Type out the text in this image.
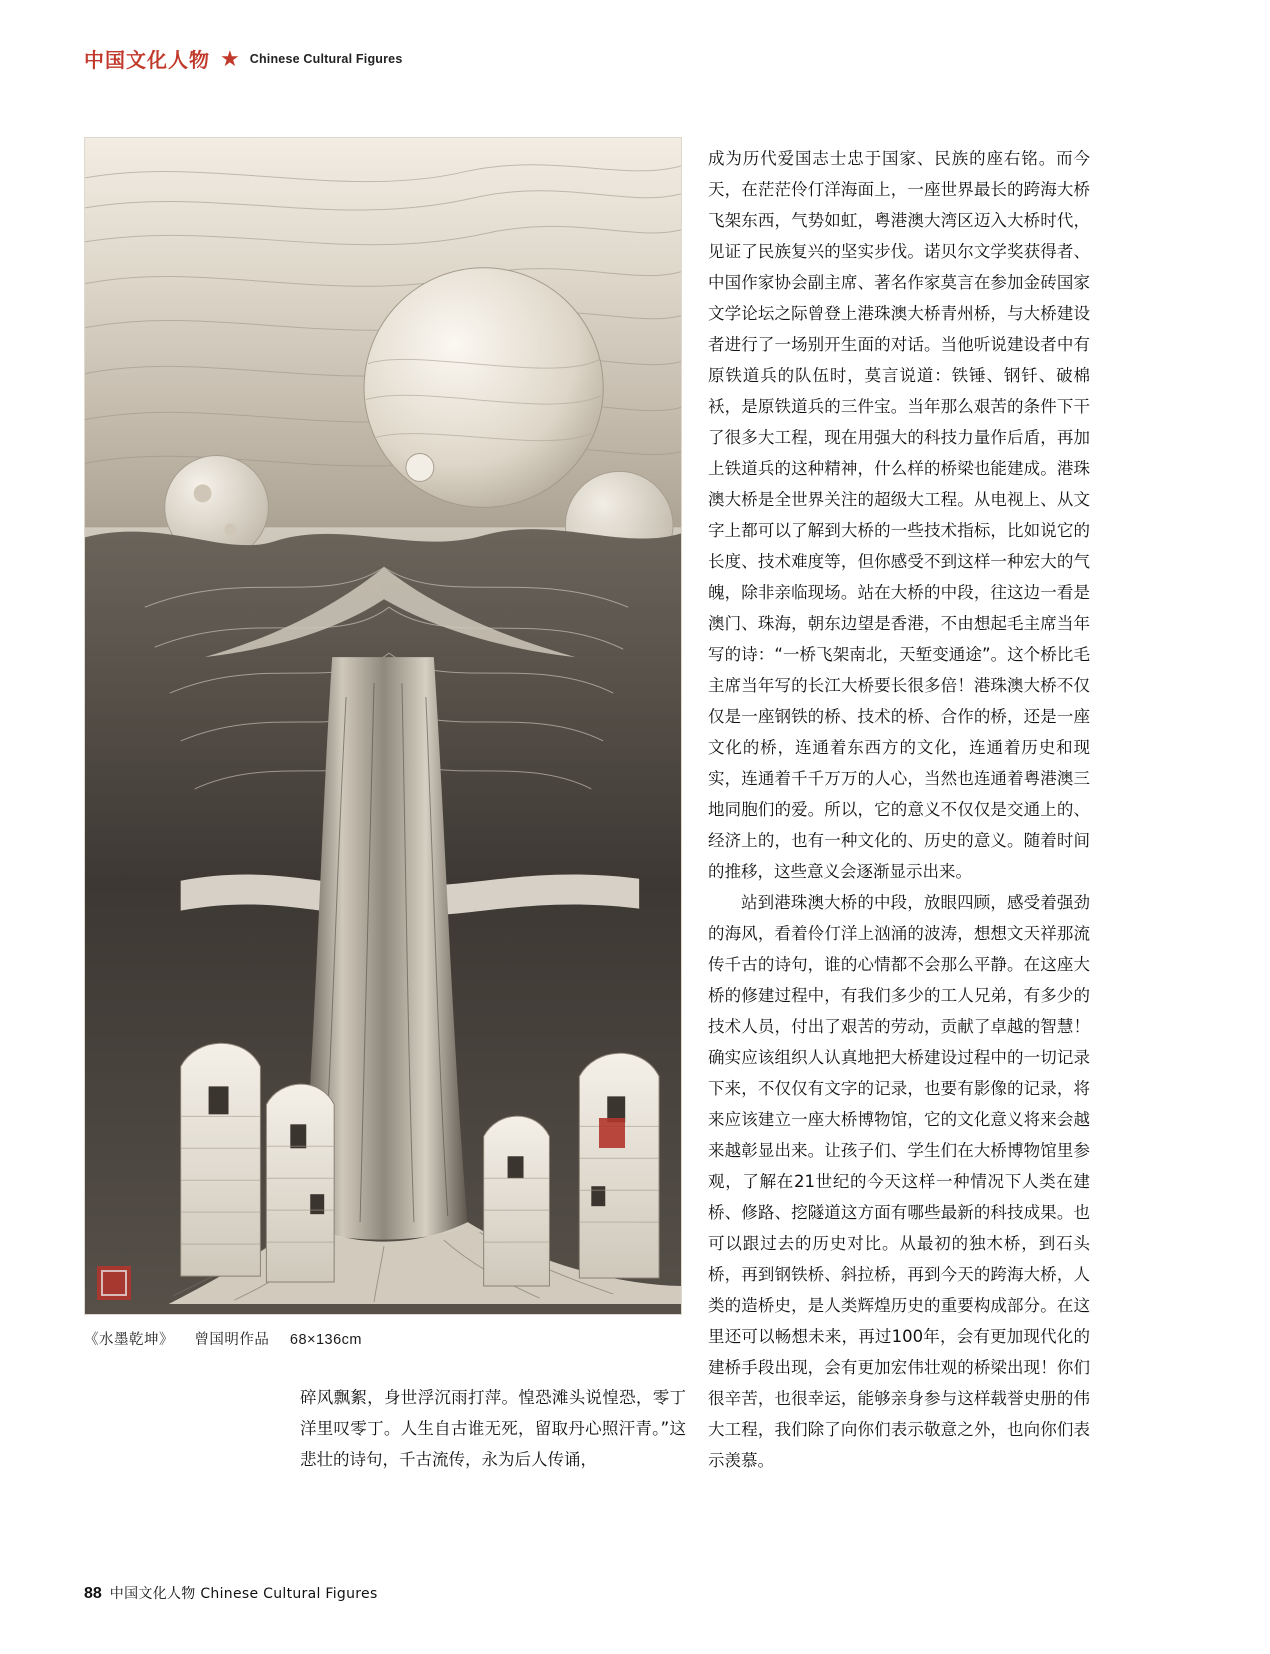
中国文化人物 ★ Chinese Cultural Figures
《水墨乾坤》 曾国明作品 68×136cm
碎风飘絮，身世浮沉雨打萍。惶恐滩头说惶恐，零丁洋里叹零丁。人生自古谁无死，留取丹心照汗青。”这悲壮的诗句，千古流传，永为后人传诵，

成为历代爱国志士忠于国家、民族的座右铭。而今天，在茫茫伶仃洋海面上，一座世界最长的跨海大桥飞架东西，气势如虹，粤港澳大湾区迈入大桥时代，见证了民族复兴的坚实步伐。诺贝尔文学奖获得者、中国作家协会副主席、著名作家莫言在参加金砖国家文学论坛之际曾登上港珠澳大桥青州桥，与大桥建设者进行了一场别开生面的对话。当他听说建设者中有原铁道兵的队伍时，莫言说道：铁锤、钢钎、破棉袄，是原铁道兵的三件宝。当年那么艰苦的条件下干了很多大工程，现在用强大的科技力量作后盾，再加上铁道兵的这种精神，什么样的桥梁也能建成。港珠澳大桥是全世界关注的超级大工程。从电视上、从文字上都可以了解到大桥的一些技术指标，比如说它的长度、技术难度等，但你感受不到这样一种宏大的气魄，除非亲临现场。站在大桥的中段，往这边一看是澳门、珠海，朝东边望是香港，不由想起毛主席当年写的诗：“一桥飞架南北，天堑变通途”。这个桥比毛主席当年写的长江大桥要长很多倍！港珠澳大桥不仅仅是一座钢铁的桥、技术的桥、合作的桥，还是一座文化的桥，连通着东西方的文化，连通着历史和现实，连通着千千万万的人心，当然也连通着粤港澳三地同胞们的爱。所以，它的意义不仅仅是交通上的、经济上的，也有一种文化的、历史的意义。随着时间的推移，这些意义会逐渐显示出来。

站到港珠澳大桥的中段，放眼四顾，感受着强劲的海风，看着伶仃洋上汹涌的波涛，想想文天祥那流传千古的诗句，谁的心情都不会那么平静。在这座大桥的修建过程中，有我们多少的工人兄弟，有多少的技术人员，付出了艰苦的劳动，贡献了卓越的智慧！确实应该组织人认真地把大桥建设过程中的一切记录下来，不仅仅有文字的记录，也要有影像的记录，将来应该建立一座大桥博物馆，它的文化意义将来会越来越彰显出来。让孩子们、学生们在大桥博物馆里参观，了解在21世纪的今天这样一种情况下人类在建桥、修路、挖隧道这方面有哪些最新的科技成果。也可以跟过去的历史对比。从最初的独木桥，到石头桥，再到钢铁桥、斜拉桥，再到今天的跨海大桥，人类的造桥史，是人类辉煌历史的重要构成部分。在这里还可以畅想未来，再过100年，会有更加现代化的建桥手段出现，会有更加宏伟壮观的桥梁出现！你们很辛苦，也很幸运，能够亲身参与这样载誉史册的伟大工程，我们除了向你们表示敬意之外，也向你们表示羡慕。

88 中国文化人物 Chinese Cultural Figures
